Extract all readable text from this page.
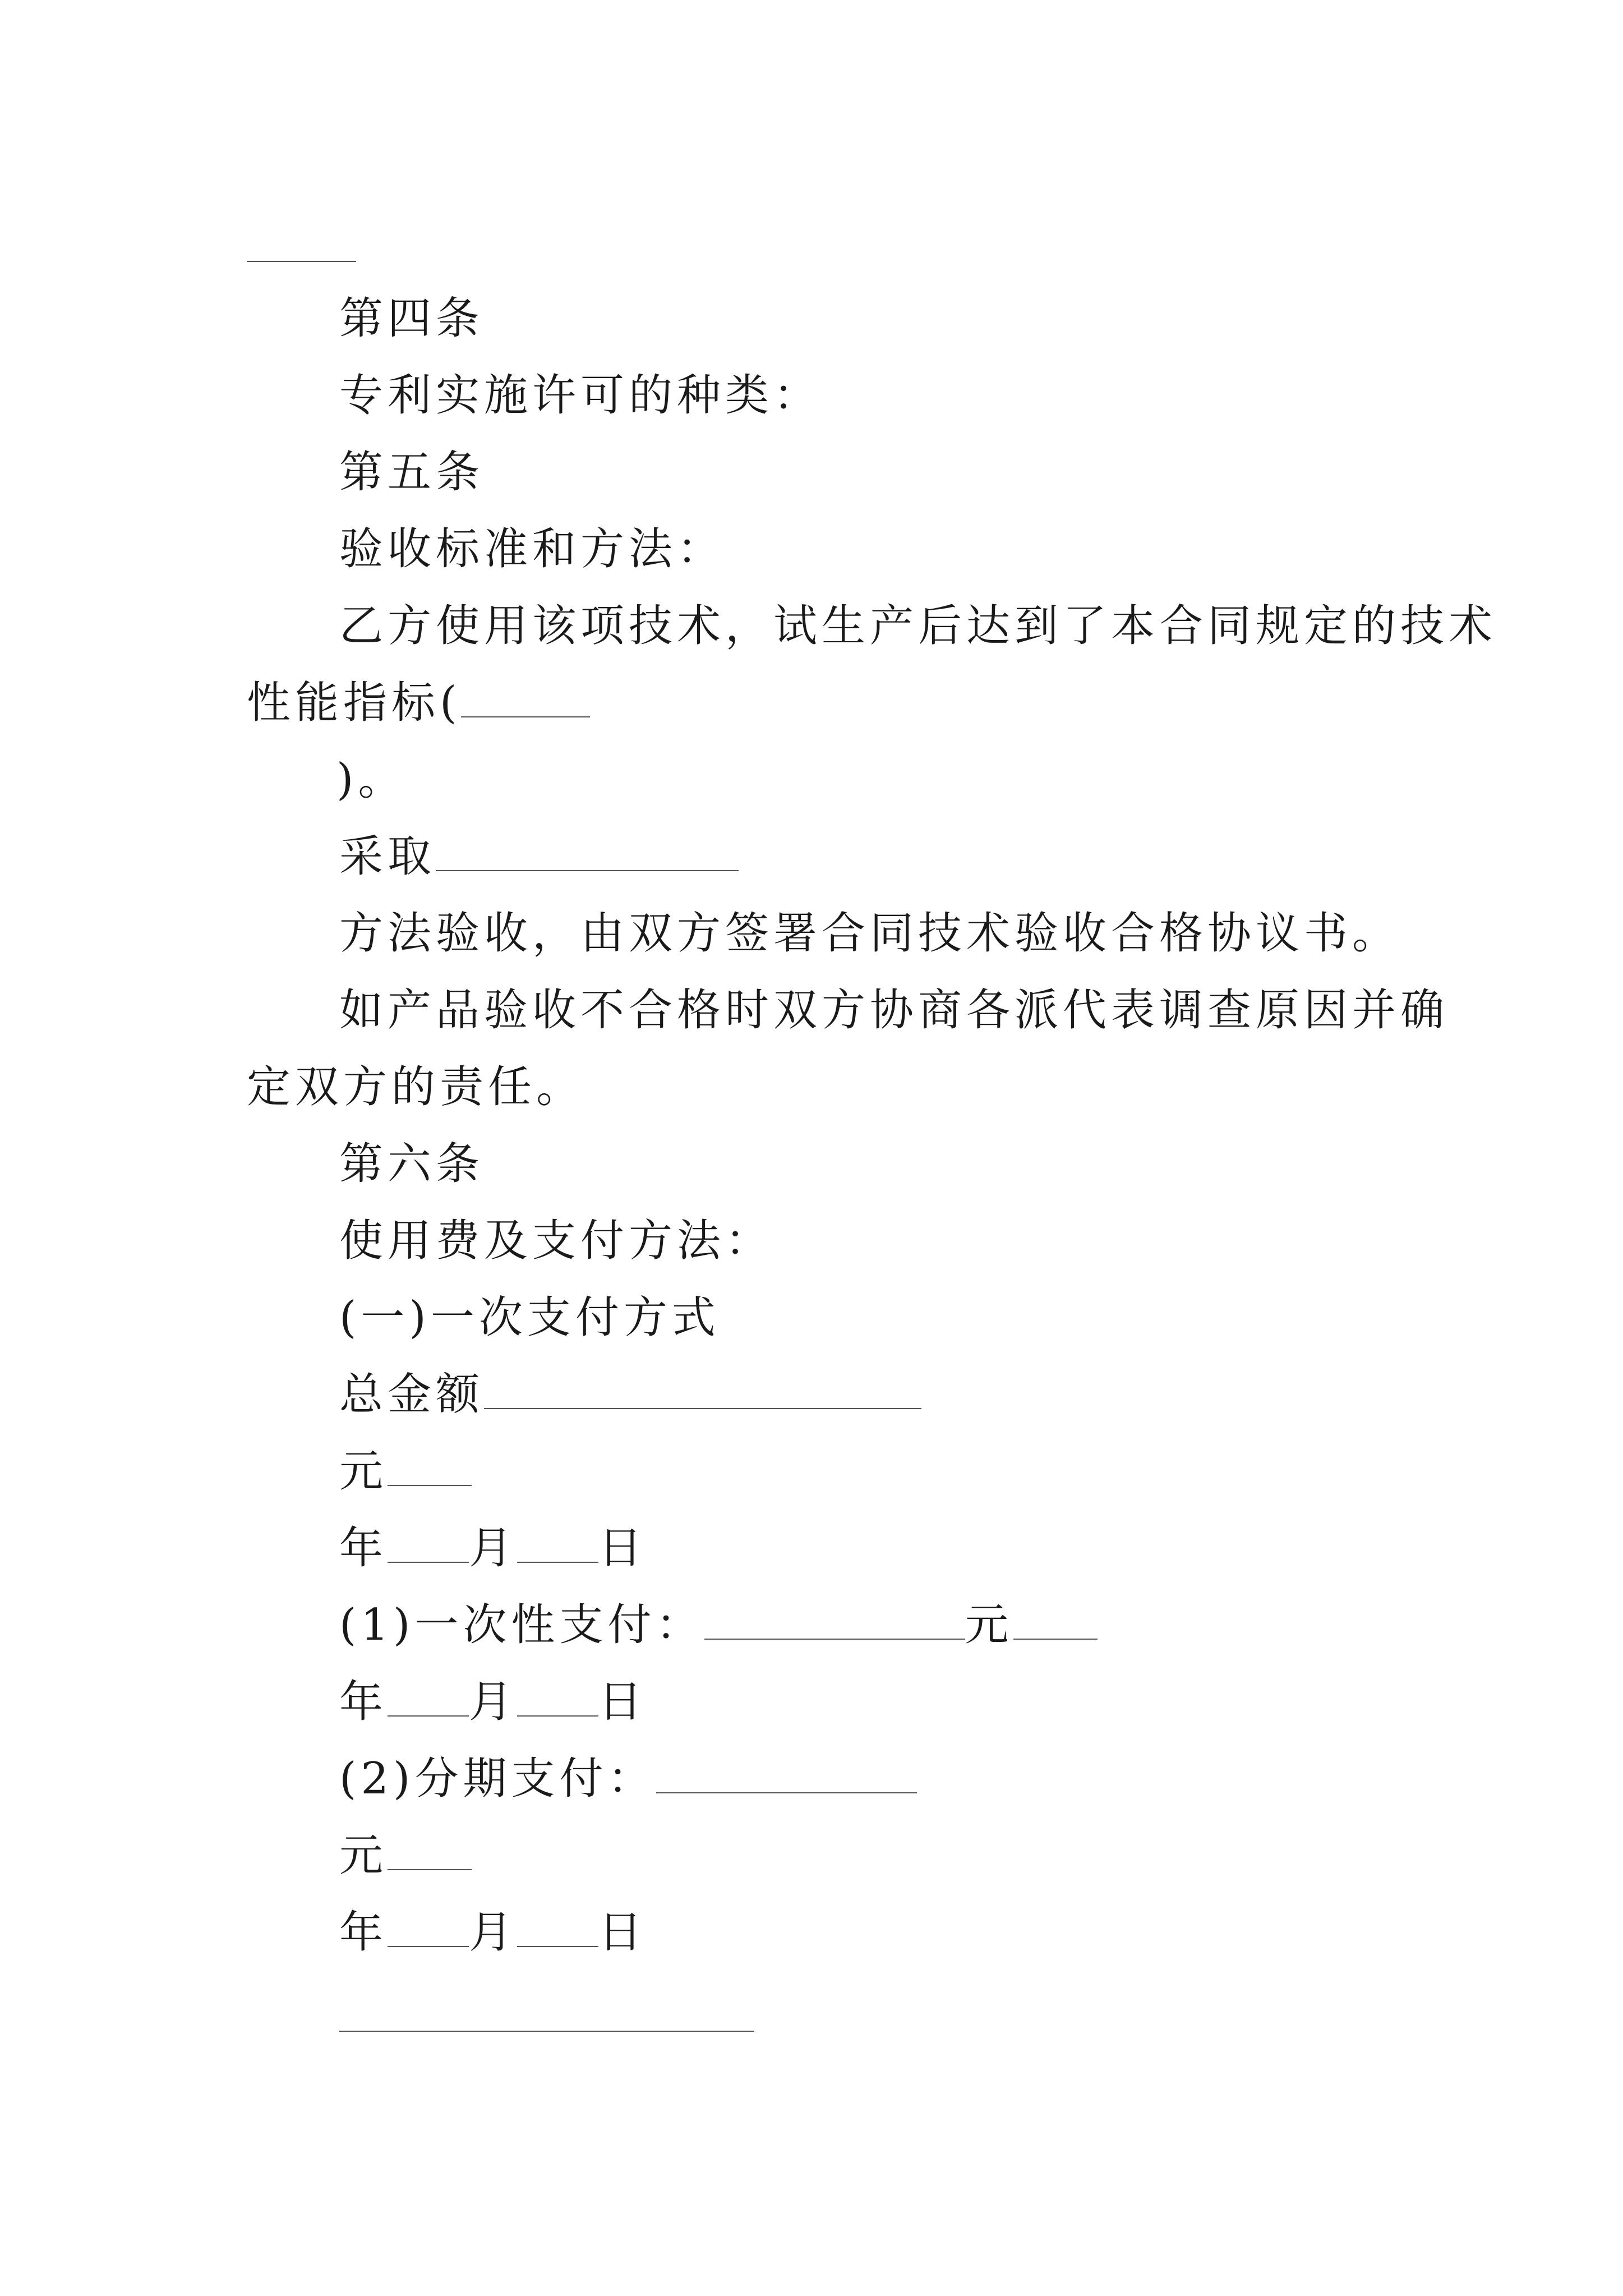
第四条
专利实施许可的种类：
第五条
验收标准和方法：
乙方使用该项技术，试生产后达到了本合同规定的技术
性能指标(
)。
采取
方法验收，由双方签署合同技术验收合格协议书。
如产品验收不合格时双方协商各派代表调查原因并确
定双方的责任。
第六条
使用费及支付方法：
(一)一次支付方式
总金额
元
年 月 日
(1)一次性支付：	元
年 月 日
(2)分期支付：
元
年 月 日
